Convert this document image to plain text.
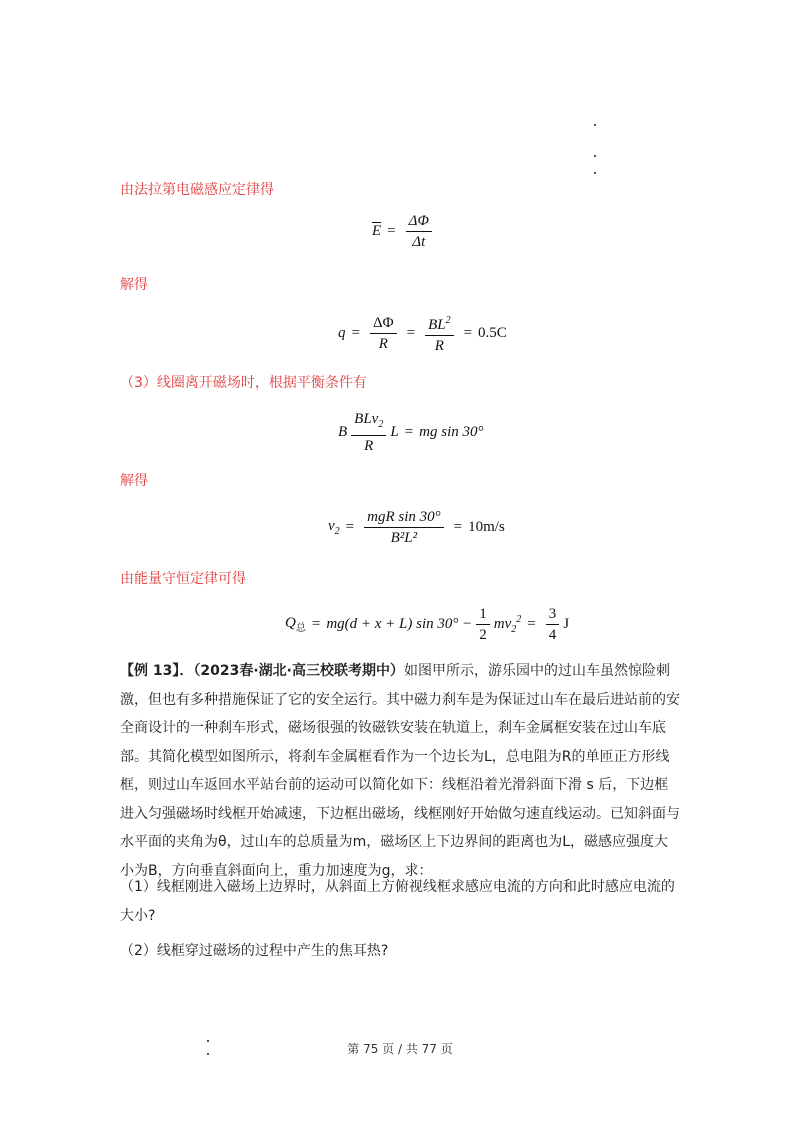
由法拉第电磁感应定律得

$\overline{E} = \frac{\Delta\Phi}{\Delta t}$

解得

$q = \frac{\Delta\Phi}{R} = \frac{BL^2}{R} = 0.5C$

（3）线圈离开磁场时，根据平衡条件有

B $\frac{BLv_2}{R}$ L = mg sin 30°

解得

$v_2 = \frac{\text{mgR sin 30°}}{\text{B²L²}} = 10m/s$

由能量守恒定律可得

$Q_总 = mg(d + x + L)$ $\sin 30^\circ - \frac{1}{2} mv_2^2 = \frac{3}{4}$ J

【例 13】．（2023春·湖北·高三校联考期中）如图甲所示，游乐园中的过山车虽然惊险刺激，但也有多种措施保证了它的安全运行。其中磁力刹车是为保证过山车在最后进站前的安全商设计的一种刹车形式，磁场很强的钕磁铁安装在轨道上，刹车金属框安装在过山车底部。其简化模型如图所示，将刹车金属框看作为一个边长为L，总电阻为R的单匝正方形线框，则过山车返回水平站台前的运动可以简化如下：线框沿着光滑斜面下滑 s 后，下边框进入匀强磁场时线框开始减速，下边框出磁场，线框刚好开始做匀速直线运动。已知斜面与水平面的夹角为θ，过山车的总质量为m，磁场区上下边界间的距离也为L，磁感应强度大小为B，方向垂直斜面向上，重力加速度为g，求：

（1）线框刚进入磁场上边界时，从斜面上方俯视线框求感应电流的方向和此时感应电流的大小?

（2）线框穿过磁场的过程中产生的焦耳热?

第 75 页 / 共 77 页
